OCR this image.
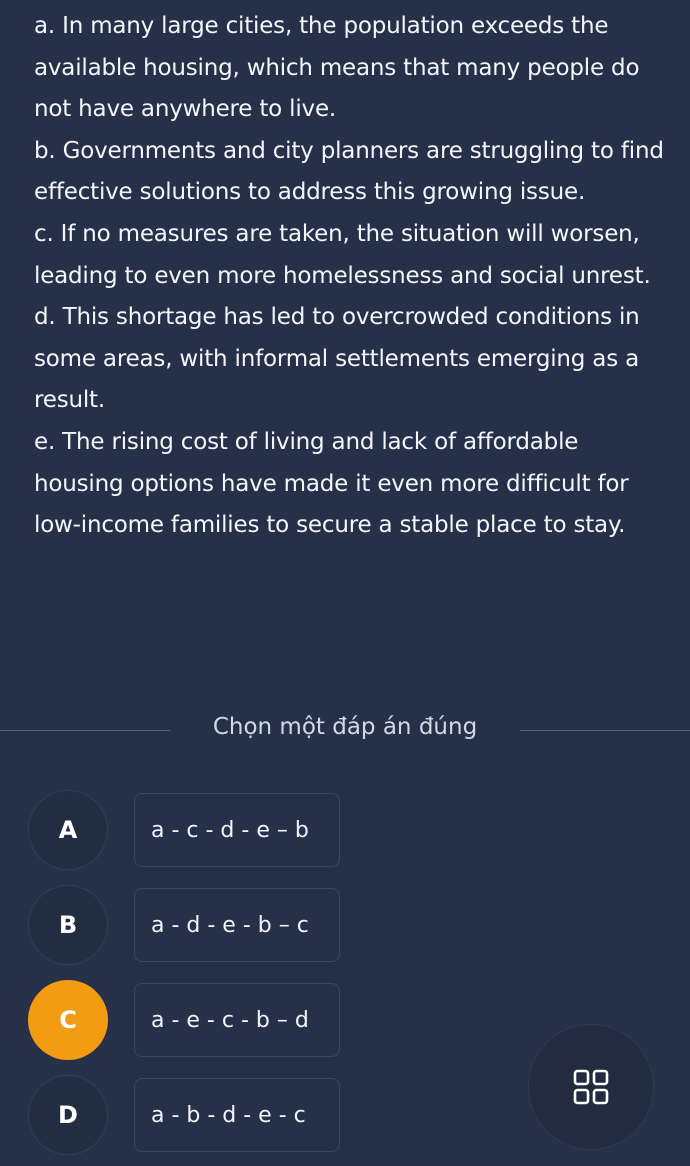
a. In many large cities, the population exceeds the available housing, which means that many people do not have anywhere to live.

b. Governments and city planners are struggling to find effective solutions to address this growing issue.

c. If no measures are taken, the situation will worsen, leading to even more homelessness and social unrest.

d. This shortage has led to overcrowded conditions in some areas, with informal settlements emerging as a result.

e. The rising cost of living and lack of affordable housing options have made it even more difficult for low-income families to secure a stable place to stay.

Chọn một đáp án đúng
A	a - c - d - e – b
B	a - d - e - b – c
C	a - e - c - b – d
D	a - b - d - e - c
